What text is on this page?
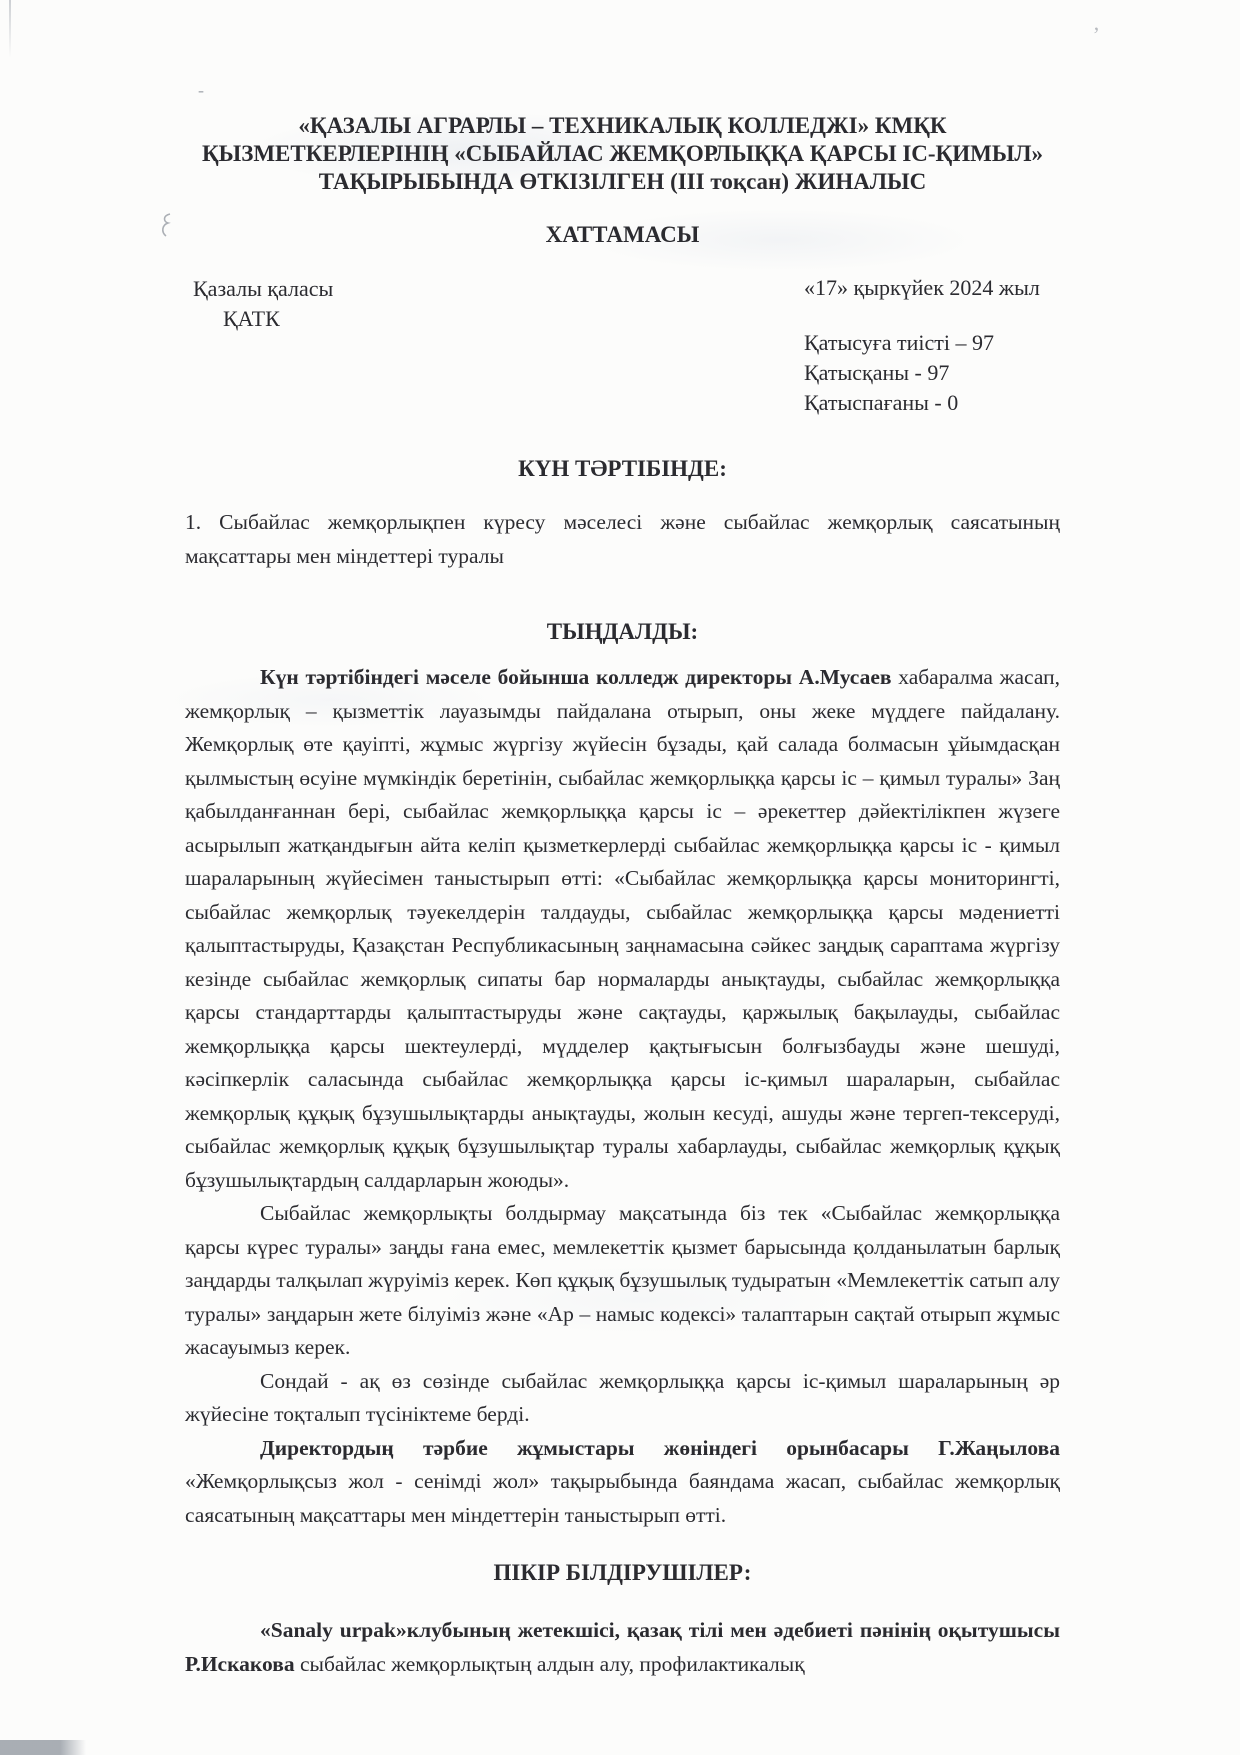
-
’
«ҚАЗАЛЫ АГРАРЛЫ – ТЕХНИКАЛЫҚ КОЛЛЕДЖІ» КМҚК
ҚЫЗМЕТКЕРЛЕРІНІҢ «СЫБАЙЛАС ЖЕМҚОРЛЫҚҚА ҚАРСЫ ІС-ҚИМЫЛ»
ТАҚЫРЫБЫНДА ӨТКІЗІЛГЕН (ІІІ тоқсан) ЖИНАЛЫС
ХАТТАМАСЫ
Қазалы қаласы
ҚАТК
«17» қыркүйек 2024 жыл
Қатысуға тиісті – 97
Қатысқаны - 97
Қатыспағаны - 0
КҮН ТӘРТІБІНДЕ:

1. Сыбайлас жемқорлықпен күресу мәселесі және сыбайлас жемқорлық саясатының мақсаттары мен міндеттері туралы

ТЫҢДАЛДЫ:

Күн тәртібіндегі мәселе бойынша колледж директоры А.Мусаев хабаралма жасап, жемқорлық – қызметтік лауазымды пайдалана отырып, оны жеке мүддеге пайдалану. Жемқорлық өте қауіпті, жұмыс жүргізу жүйесін бұзады, қай салада болмасын ұйымдасқан қылмыстың өсуіне мүмкіндік беретінін, сыбайлас жемқорлыққа қарсы іс – қимыл туралы» Заң қабылданғаннан бері, сыбайлас жемқорлыққа қарсы іс – әрекеттер дәйектілікпен жүзеге асырылып жатқандығын айта келіп қызметкерлерді сыбайлас жемқорлыққа қарсы іс - қимыл шараларының жүйесімен таныстырып өтті: «Сыбайлас жемқорлыққа қарсы мониторингті, сыбайлас жемқорлық тәуекелдерін талдауды, сыбайлас жемқорлыққа қарсы мәдениетті қалыптастыруды, Қазақстан Республикасының заңнамасына сәйкес заңдық сараптама жүргізу кезінде сыбайлас жемқорлық сипаты бар нормаларды анықтауды, сыбайлас жемқорлыққа қарсы стандарттарды қалыптастыруды және сақтауды, қаржылық бақылауды, сыбайлас жемқорлыққа қарсы шектеулерді, мүдделер қақтығысын болғызбауды және шешуді, кәсіпкерлік саласында сыбайлас жемқорлыққа қарсы іс-қимыл шараларын, сыбайлас жемқорлық құқық бұзушылықтарды анықтауды, жолын кесуді, ашуды және тергеп-тексеруді, сыбайлас жемқорлық құқық бұзушылықтар туралы хабарлауды, сыбайлас жемқорлық құқық бұзушылықтардың салдарларын жоюды».

Сыбайлас жемқорлықты болдырмау мақсатында біз тек «Сыбайлас жемқорлыққа қарсы күрес туралы» заңды ғана емес, мемлекеттік қызмет барысында қолданылатын барлық заңдарды талқылап жүруіміз керек. Көп құқық бұзушылық тудыратын «Мемлекеттік сатып алу туралы» заңдарын жете білуіміз және «Ар – намыс кодексі» талаптарын сақтай отырып жұмыс жасауымыз керек.

Сондай - ақ өз сөзінде сыбайлас жемқорлыққа қарсы іс-қимыл шараларының әр жүйесіне тоқталып түсініктеме берді.

Директордың тәрбие жұмыстары жөніндегі орынбасары Г.Жаңылова «Жемқорлықсыз жол - сенімді жол» тақырыбында баяндама жасап, сыбайлас жемқорлық саясатының мақсаттары мен міндеттерін таныстырып өтті.

ПІКІР БІЛДІРУШІЛЕР:

«Sanaly urpak»клубының жетекшісі, қазақ тілі мен әдебиеті пәнінің оқытушысы Р.Искакова сыбайлас жемқорлықтың алдын алу, профилактикалық
